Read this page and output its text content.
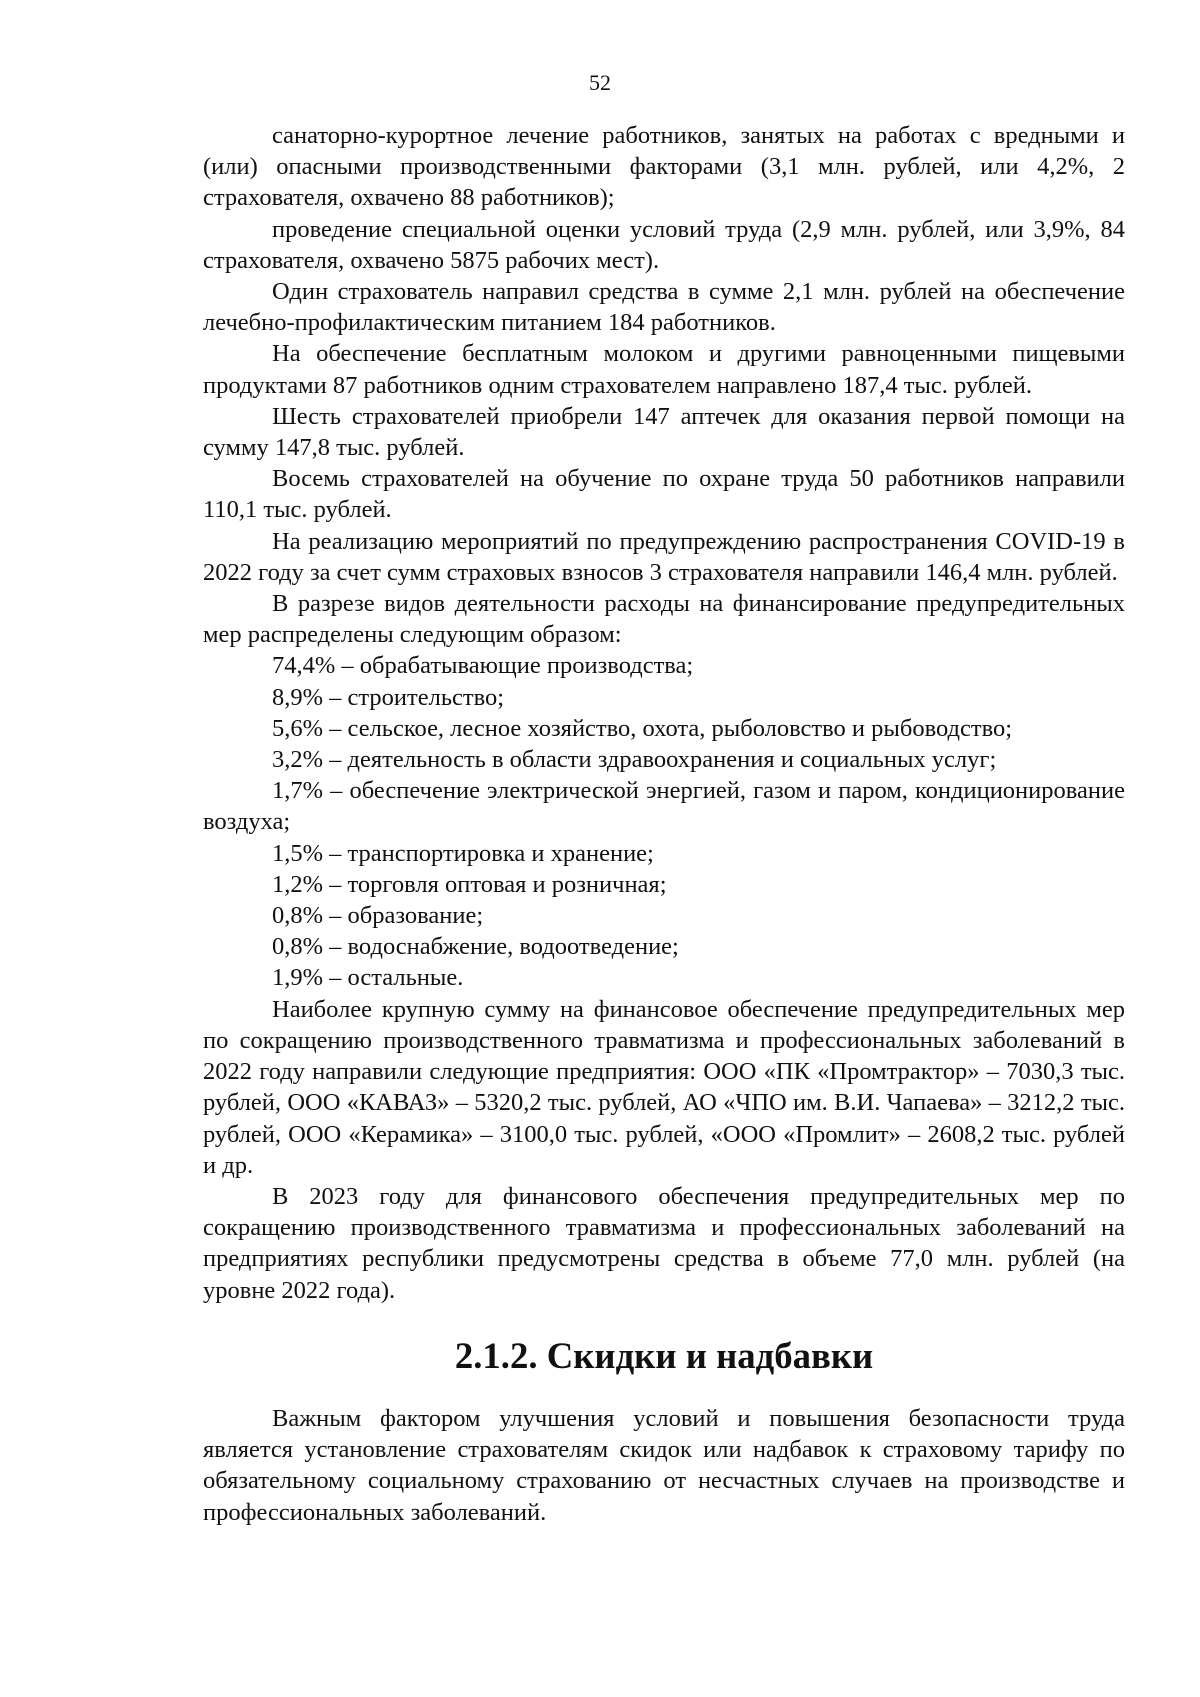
52

санаторно-курортное лечение работников, занятых на работах с вредными и (или) опасными производственными факторами (3,1 млн. рублей, или 4,2%, 2 страхователя, охвачено 88 работников);

проведение специальной оценки условий труда (2,9 млн. рублей, или 3,9%, 84 страхователя, охвачено 5875 рабочих мест).

Один страхователь направил средства в сумме 2,1 млн. рублей на обеспечение лечебно-профилактическим питанием 184 работников.

На обеспечение бесплатным молоком и другими равноценными пищевыми продуктами 87 работников одним страхователем направлено 187,4 тыс. рублей.

Шесть страхователей приобрели 147 аптечек для оказания первой помощи на сумму 147,8 тыс. рублей.

Восемь страхователей на обучение по охране труда 50 работников направили 110,1 тыс. рублей.

На реализацию мероприятий по предупреждению распространения COVID-19 в 2022 году за счет сумм страховых взносов 3 страхователя направили 146,4 млн. рублей.

В разрезе видов деятельности расходы на финансирование предупредительных мер распределены следующим образом:

74,4% – обрабатывающие производства;

8,9% – строительство;

5,6% – сельское, лесное хозяйство, охота, рыболовство и рыбоводство;

3,2% – деятельность в области здравоохранения и социальных услуг;

1,7% – обеспечение электрической энергией, газом и паром, кондиционирование воздуха;

1,5% – транспортировка и хранение;

1,2% – торговля оптовая и розничная;

0,8% – образование;

0,8% – водоснабжение, водоотведение;

1,9% – остальные.

Наиболее крупную сумму на финансовое обеспечение предупредительных мер по сокращению производственного травматизма и профессиональных заболеваний в 2022 году направили следующие предприятия: ООО «ПК «Промтрактор» – 7030,3 тыс. рублей, ООО «КАВАЗ» – 5320,2 тыс. рублей, АО «ЧПО им. В.И. Чапаева» – 3212,2 тыс. рублей, ООО «Керамика» – 3100,0 тыс. рублей, «ООО «Промлит» – 2608,2 тыс. рублей и др.

В 2023 году для финансового обеспечения предупредительных мер по сокращению производственного травматизма и профессиональных заболеваний на предприятиях республики предусмотрены средства в объеме 77,0 млн. рублей (на уровне 2022 года).

2.1.2. Скидки и надбавки

Важным фактором улучшения условий и повышения безопасности труда является установление страхователям скидок или надбавок к страховому тарифу по обязательному социальному страхованию от несчастных случаев на производстве и профессиональных заболеваний.
